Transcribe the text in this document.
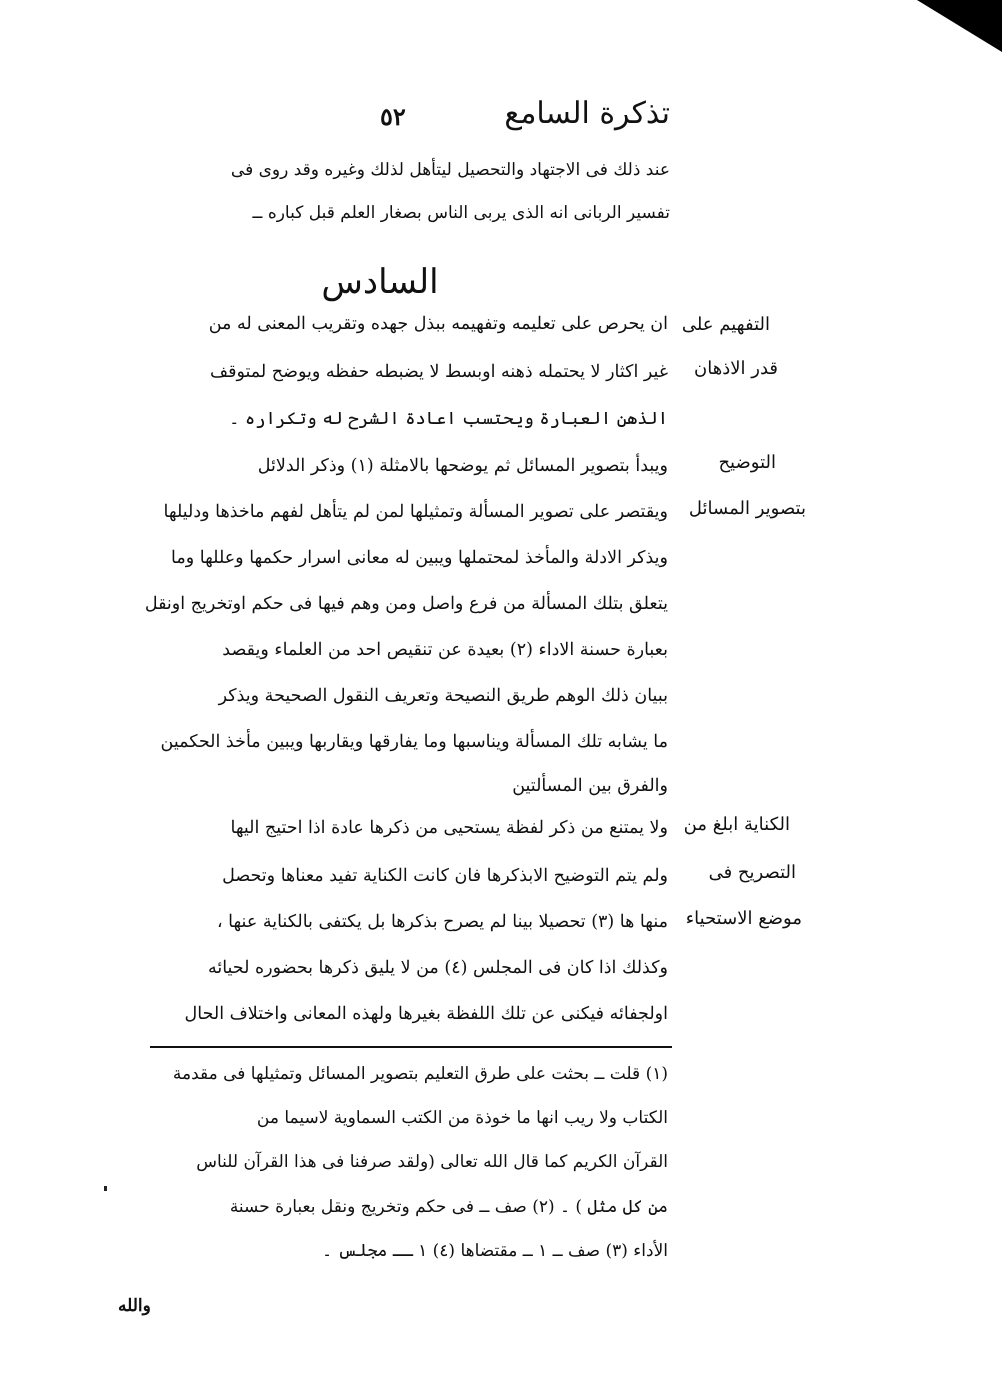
تذكرة السامع
٥٢
عند ذلك فى الاجتهاد والتحصيل ليتأهل لذلك وغيره وقد روى فى
تفسير الربانى انه الذى يربى الناس بصغار العلم قبل كباره ــ
السادس
التفهيم على
قدر الاذهان
التوضيح
بتصوير المسائل
الكناية ابلغ من
التصريح فى
موضع الاستحياء
ان يحرص على تعليمه وتفهيمه ببذل جهده وتقريب المعنى له من
غير اكثار لا يحتمله ذهنه اوبسط لا يضبطه حفظه ويوضح لمتوقف
الذهن العبارة ويحتسب اعادة الشرح له وتكراره ۔
ويبدأ بتصوير المسائل ثم يوضحها بالامثلة (١) وذكر الدلائل
ويقتصر على تصوير المسألة وتمثيلها لمن لم يتأهل لفهم ماخذها ودليلها
ويذكر الادلة والمأخذ لمحتملها ويبين له معانى اسرار حكمها وعللها وما
يتعلق بتلك المسألة من فرع واصل ومن وهم فيها فى حكم اوتخريج اونقل
بعبارة حسنة الاداء (٢) بعيدة عن تنقيص احد من العلماء ويقصد
ببيان ذلك الوهم طريق النصيحة وتعريف النقول الصحيحة ويذكر
ما يشابه تلك المسألة ويناسبها وما يفارقها ويقاربها ويبين مأخذ الحكمين
والفرق بين المسألتين
ولا يمتنع من ذكر لفظة يستحيى من ذكرها عادة اذا احتيج اليها
ولم يتم التوضيح الابذكرها فان كانت الكناية تفيد معناها وتحصل
منها ها (٣) تحصيلا بينا لم يصرح بذكرها بل يكتفى بالكناية عنها ،
وكذلك اذا كان فى المجلس (٤) من لا يليق ذكرها بحضوره لحيائه
اولجفائه فيكنى عن تلك اللفظة بغيرها ولهذه المعانى واختلاف الحال
(١) قلت ــ بحثت على طرق التعليم بتصوير المسائل وتمثيلها فى مقدمة
الكتاب ولا ريب انها ما خوذة من الكتب السماوية لاسيما من
القرآن الكريم كما قال الله تعالى (ولقد صرفنا فى هذا القرآن للناس
من كل مثل ) ۔ (٢) صف ــ فى حكم وتخريج ونقل بعبارة حسنة
الأداء (٣) صف ــ ١ ــ مقتضاها (٤) ١ ــ مجلس ۔
والله
